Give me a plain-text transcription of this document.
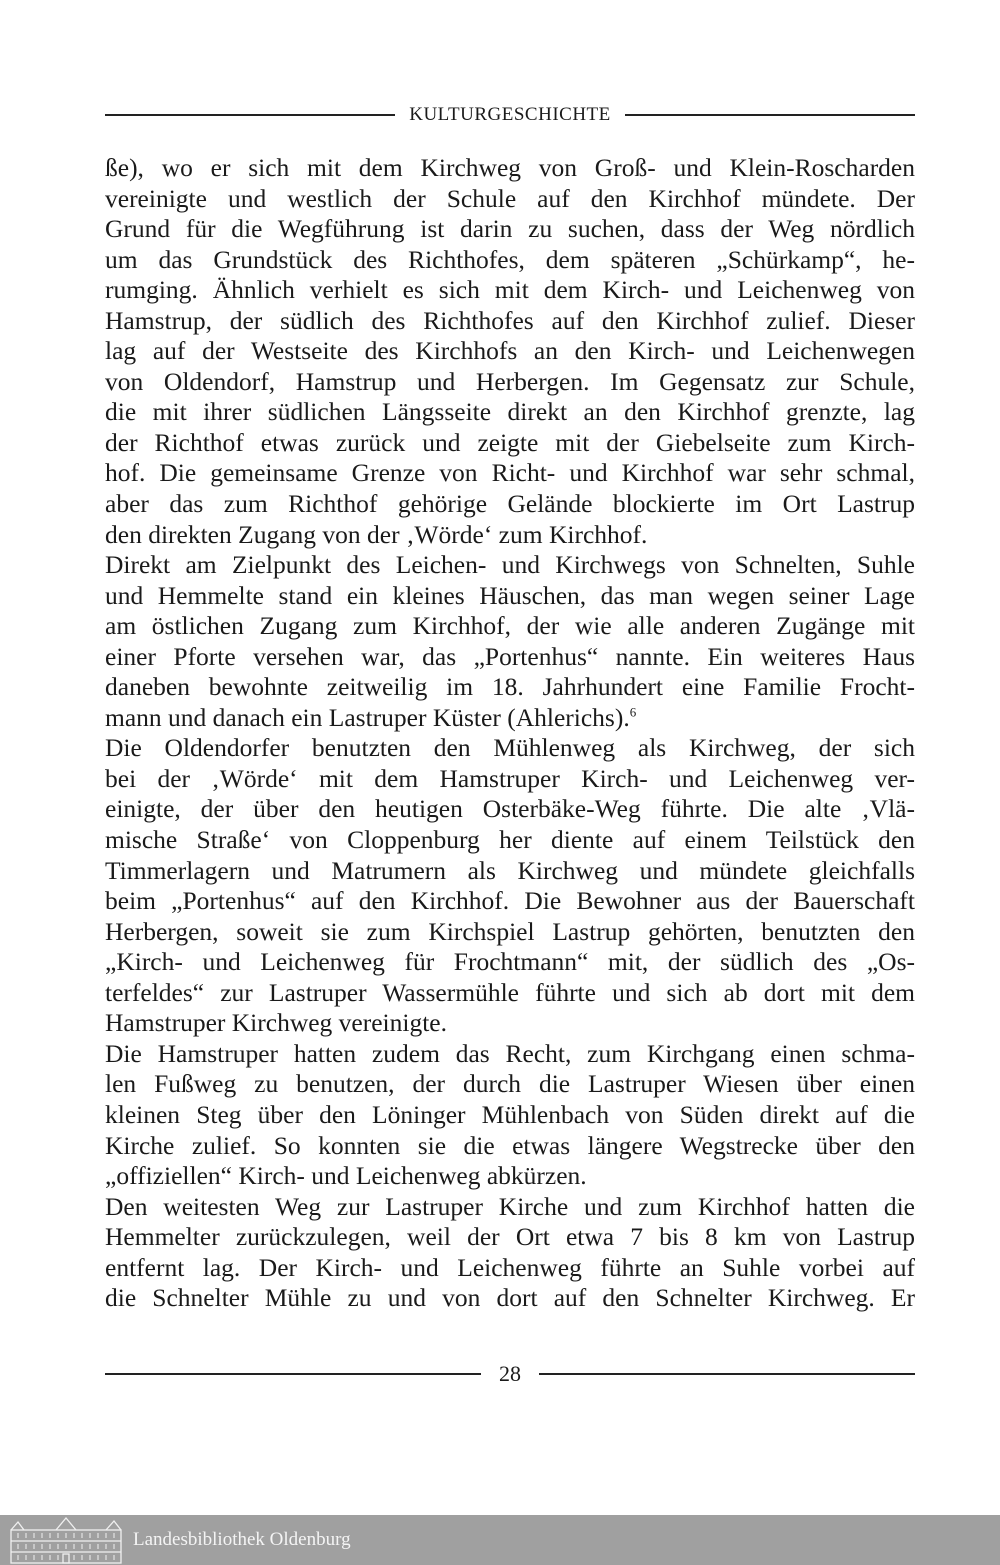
KULTURGESCHICHTE
ße), wo er sich mit dem Kirchweg von Groß- und Klein-Roscharden
vereinigte und westlich der Schule auf den Kirchhof mündete. Der
Grund für die Wegführung ist darin zu suchen, dass der Weg nördlich
um das Grundstück des Richthofes, dem späteren „Schürkamp“, he-
rumging. Ähnlich verhielt es sich mit dem Kirch- und Leichenweg von
Hamstrup, der südlich des Richthofes auf den Kirchhof zulief. Dieser
lag auf der Westseite des Kirchhofs an den Kirch- und Leichenwegen
von Oldendorf, Hamstrup und Herbergen. Im Gegensatz zur Schule,
die mit ihrer südlichen Längsseite direkt an den Kirchhof grenzte, lag
der Richthof etwas zurück und zeigte mit der Giebelseite zum Kirch-
hof. Die gemeinsame Grenze von Richt- und Kirchhof war sehr schmal,
aber das zum Richthof gehörige Gelände blockierte im Ort Lastrup
den direkten Zugang von der ‚Wörde‘ zum Kirchhof.
Direkt am Zielpunkt des Leichen- und Kirchwegs von Schnelten, Suhle
und Hemmelte stand ein kleines Häuschen, das man wegen seiner Lage
am östlichen Zugang zum Kirchhof, der wie alle anderen Zugänge mit
einer Pforte versehen war, das „Portenhus“ nannte. Ein weiteres Haus
daneben bewohnte zeitweilig im 18. Jahrhundert eine Familie Frocht-
mann und danach ein Lastruper Küster (Ahlerichs).$^6$
Die Oldendorfer benutzten den Mühlenweg als Kirchweg, der sich
bei der ‚Wörde‘ mit dem Hamstruper Kirch- und Leichenweg ver-
einigte, der über den heutigen Osterbäke-Weg führte. Die alte ‚Vlä-
mische Straße‘ von Cloppenburg her diente auf einem Teilstück den
Timmerlagern und Matrumern als Kirchweg und mündete gleichfalls
beim „Portenhus“ auf den Kirchhof. Die Bewohner aus der Bauerschaft
Herbergen, soweit sie zum Kirchspiel Lastrup gehörten, benutzten den
„Kirch- und Leichenweg für Frochtmann“ mit, der südlich des „Os-
terfeldes“ zur Lastruper Wassermühle führte und sich ab dort mit dem
Hamstruper Kirchweg vereinigte.
Die Hamstruper hatten zudem das Recht, zum Kirchgang einen schma-
len Fußweg zu benutzen, der durch die Lastruper Wiesen über einen
kleinen Steg über den Löninger Mühlenbach von Süden direkt auf die
Kirche zulief. So konnten sie die etwas längere Wegstrecke über den
„offiziellen“ Kirch- und Leichenweg abkürzen.
Den weitesten Weg zur Lastruper Kirche und zum Kirchhof hatten die
Hemmelter zurückzulegen, weil der Ort etwa 7 bis 8 km von Lastrup
entfernt lag. Der Kirch- und Leichenweg führte an Suhle vorbei auf
die Schnelter Mühle zu und von dort auf den Schnelter Kirchweg. Er
28
Landesbibliothek Oldenburg
